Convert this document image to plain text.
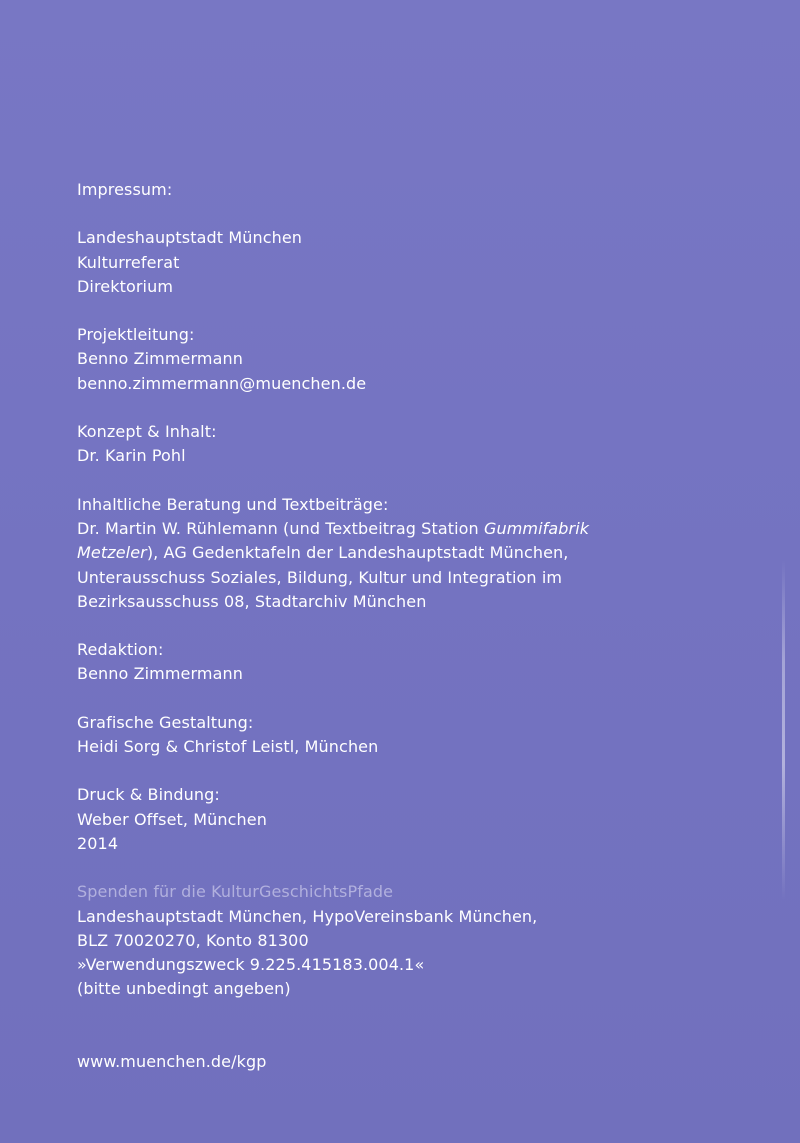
Impressum:

Landeshauptstadt München

Kulturreferat

Direktorium

Projektleitung:

Benno Zimmermann

benno.zimmermann@muenchen.de

Konzept & Inhalt:

Dr. Karin Pohl

Inhaltliche Beratung und Textbeiträge:

Dr. Martin W. Rühlemann (und Textbeitrag Station Gummifabrik

Metzeler), AG Gedenktafeln der Landeshauptstadt München,

Unterausschuss Soziales, Bildung, Kultur und Integration im

Bezirksausschuss 08, Stadtarchiv München

Redaktion:

Benno Zimmermann

Grafische Gestaltung:

Heidi Sorg & Christof Leistl, München

Druck & Bindung:

Weber Offset, München

2014

Spenden für die KulturGeschichtsPfade

Landeshauptstadt München, HypoVereinsbank München,

BLZ 70020270, Konto 81300

»Verwendungszweck 9.225.415183.004.1«

(bitte unbedingt angeben)

www.muenchen.de/kgp
